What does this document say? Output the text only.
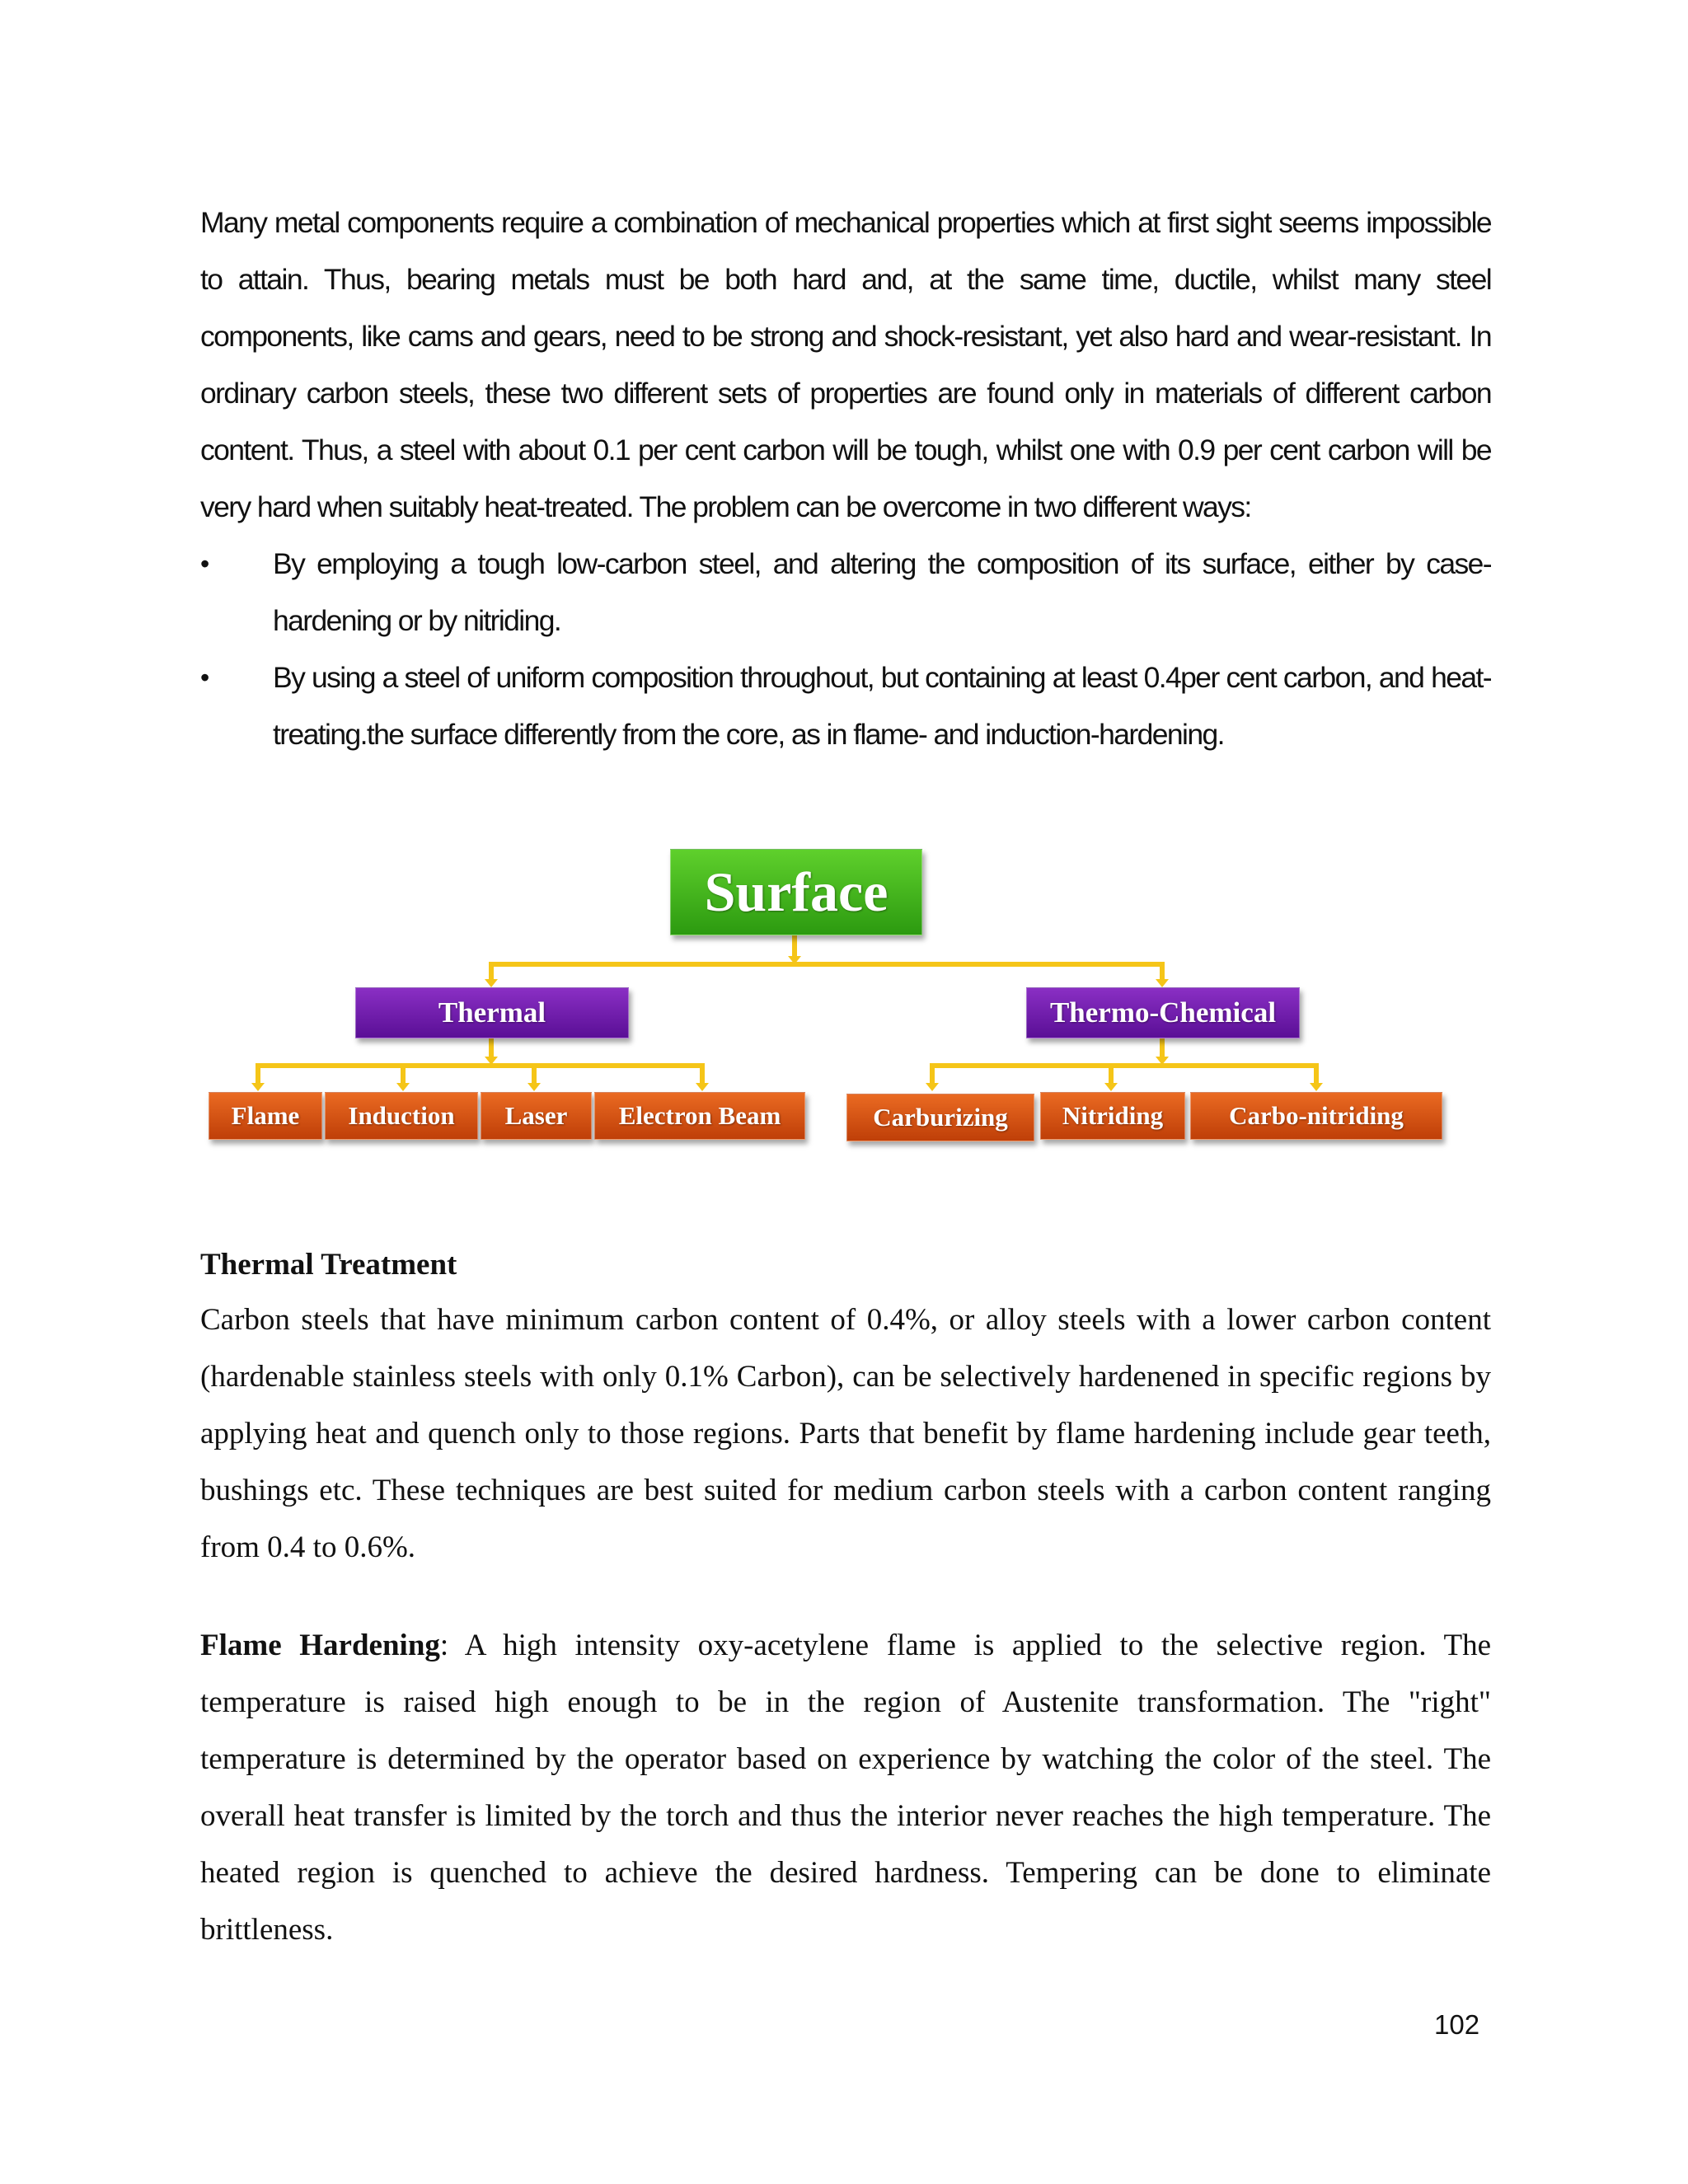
Many metal components require a combination of mechanical properties which at first sight seems impossible to attain. Thus, bearing metals must be both hard and, at the same time, ductile, whilst many steel components, like cams and gears, need to be strong and shock-resistant, yet also hard and wear-resistant. In ordinary carbon steels, these two different sets of properties are found only in materials of different carbon content. Thus, a steel with about 0.1 per cent carbon will be tough, whilst one with 0.9 per cent carbon will be very hard when suitably heat-treated. The problem can be overcome in two different ways:
• By employing a tough low-carbon steel, and altering the composition of its surface, either by case-hardening or by nitriding.
• By using a steel of uniform composition throughout, but containing at least 0.4per cent carbon, and heat-treating.the surface differently from the core, as in flame- and induction-hardening.
Surface
Thermal	Thermo-Chemical
Flame	Induction	Laser	Electron Beam	Carburizing	Nitriding	Carbo-nitriding
Thermal Treatment
Carbon steels that have minimum carbon content of 0.4%, or alloy steels with a lower carbon content (hardenable stainless steels with only 0.1% Carbon), can be selectively hardenened in specific regions by applying heat and quench only to those regions. Parts that benefit by flame hardening include gear teeth, bushings etc. These techniques are best suited for medium carbon steels with a carbon content ranging from 0.4 to 0.6%.
Flame Hardening: A high intensity oxy-acetylene flame is applied to the selective region. The temperature is raised high enough to be in the region of Austenite transformation. The "right" temperature is determined by the operator based on experience by watching the color of the steel. The overall heat transfer is limited by the torch and thus the interior never reaches the high temperature. The heated region is quenched to achieve the desired hardness. Tempering can be done to eliminate brittleness.
102
